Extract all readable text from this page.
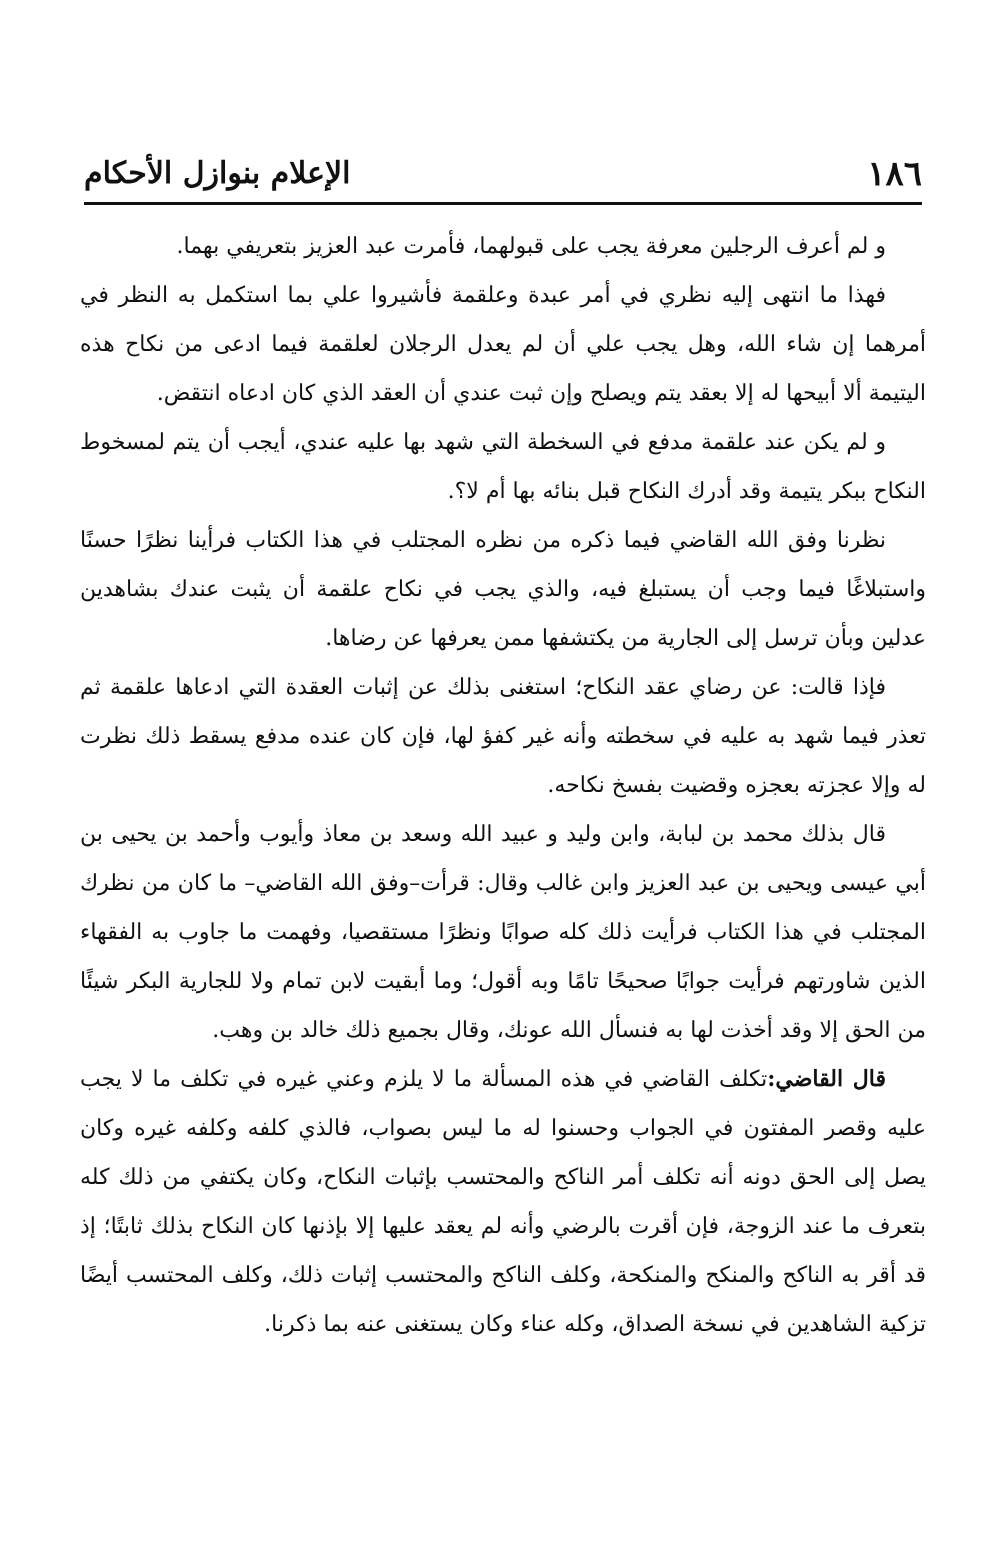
١٨٦
الإعلام بنوازل الأحكام

و لم أعرف الرجلين معرفة يجب على قبولهما، فأمرت عبد العزيز بتعريفي بهما.

فهذا ما انتهى إليه نظري في أمر عبدة وعلقمة فأشيروا علي بما استكمل به النظر في أمرهما إن شاء الله، وهل يجب علي أن لم يعدل الرجلان لعلقمة فيما ادعى من نكاح هذه اليتيمة ألا أبيحها له إلا بعقد يتم ويصلح وإن ثبت عندي أن العقد الذي كان ادعاه انتقض.

و لم يكن عند علقمة مدفع في السخطة التي شهد بها عليه عندي، أيجب أن يتم لمسخوط النكاح ببكر يتيمة وقد أدرك النكاح قبل بنائه بها أم لا؟.

نظرنا وفق الله القاضي فيما ذكره من نظره المجتلب في هذا الكتاب فرأينا نظرًا حسنًا واستبلاغًا فيما وجب أن يستبلغ فيه، والذي يجب في نكاح علقمة أن يثبت عندك بشاهدين عدلين وبأن ترسل إلى الجارية من يكتشفها ممن يعرفها عن رضاها.

فإذا قالت: عن رضاي عقد النكاح؛ استغنى بذلك عن إثبات العقدة التي ادعاها علقمة ثم تعذر فيما شهد به عليه في سخطته وأنه غير كفؤ لها، فإن كان عنده مدفع يسقط ذلك نظرت له وإلا عجزته بعجزه وقضيت بفسخ نكاحه.

قال بذلك محمد بن لبابة، وابن وليد و عبيد الله وسعد بن معاذ وأيوب وأحمد بن يحيى بن أبي عيسى ويحيى بن عبد العزيز وابن غالب وقال: قرأت–وفق الله القاضي– ما كان من نظرك المجتلب في هذا الكتاب فرأيت ذلك كله صوابًا ونظرًا مستقصيا، وفهمت ما جاوب به الفقهاء الذين شاورتهم فرأيت جوابًا صحيحًا تامًا وبه أقول؛ وما أبقيت لابن تمام ولا للجارية البكر شيئًا من الحق إلا وقد أخذت لها به فنسأل الله عونك، وقال بجميع ذلك خالد بن وهب.

قال القاضي:تكلف القاضي في هذه المسألة ما لا يلزم وعني غيره في تكلف ما لا يجب عليه وقصر المفتون في الجواب وحسنوا له ما ليس بصواب، فالذي كلفه وكلفه غيره وكان يصل إلى الحق دونه أنه تكلف أمر الناكح والمحتسب بإثبات النكاح، وكان يكتفي من ذلك كله بتعرف ما عند الزوجة، فإن أقرت بالرضي وأنه لم يعقد عليها إلا بإذنها كان النكاح بذلك ثابتًا؛ إذ قد أقر به الناكح والمنكح والمنكحة، وكلف الناكح والمحتسب إثبات ذلك، وكلف المحتسب أيضًا تزكية الشاهدين في نسخة الصداق، وكله عناء وكان يستغنى عنه بما ذكرنا.
